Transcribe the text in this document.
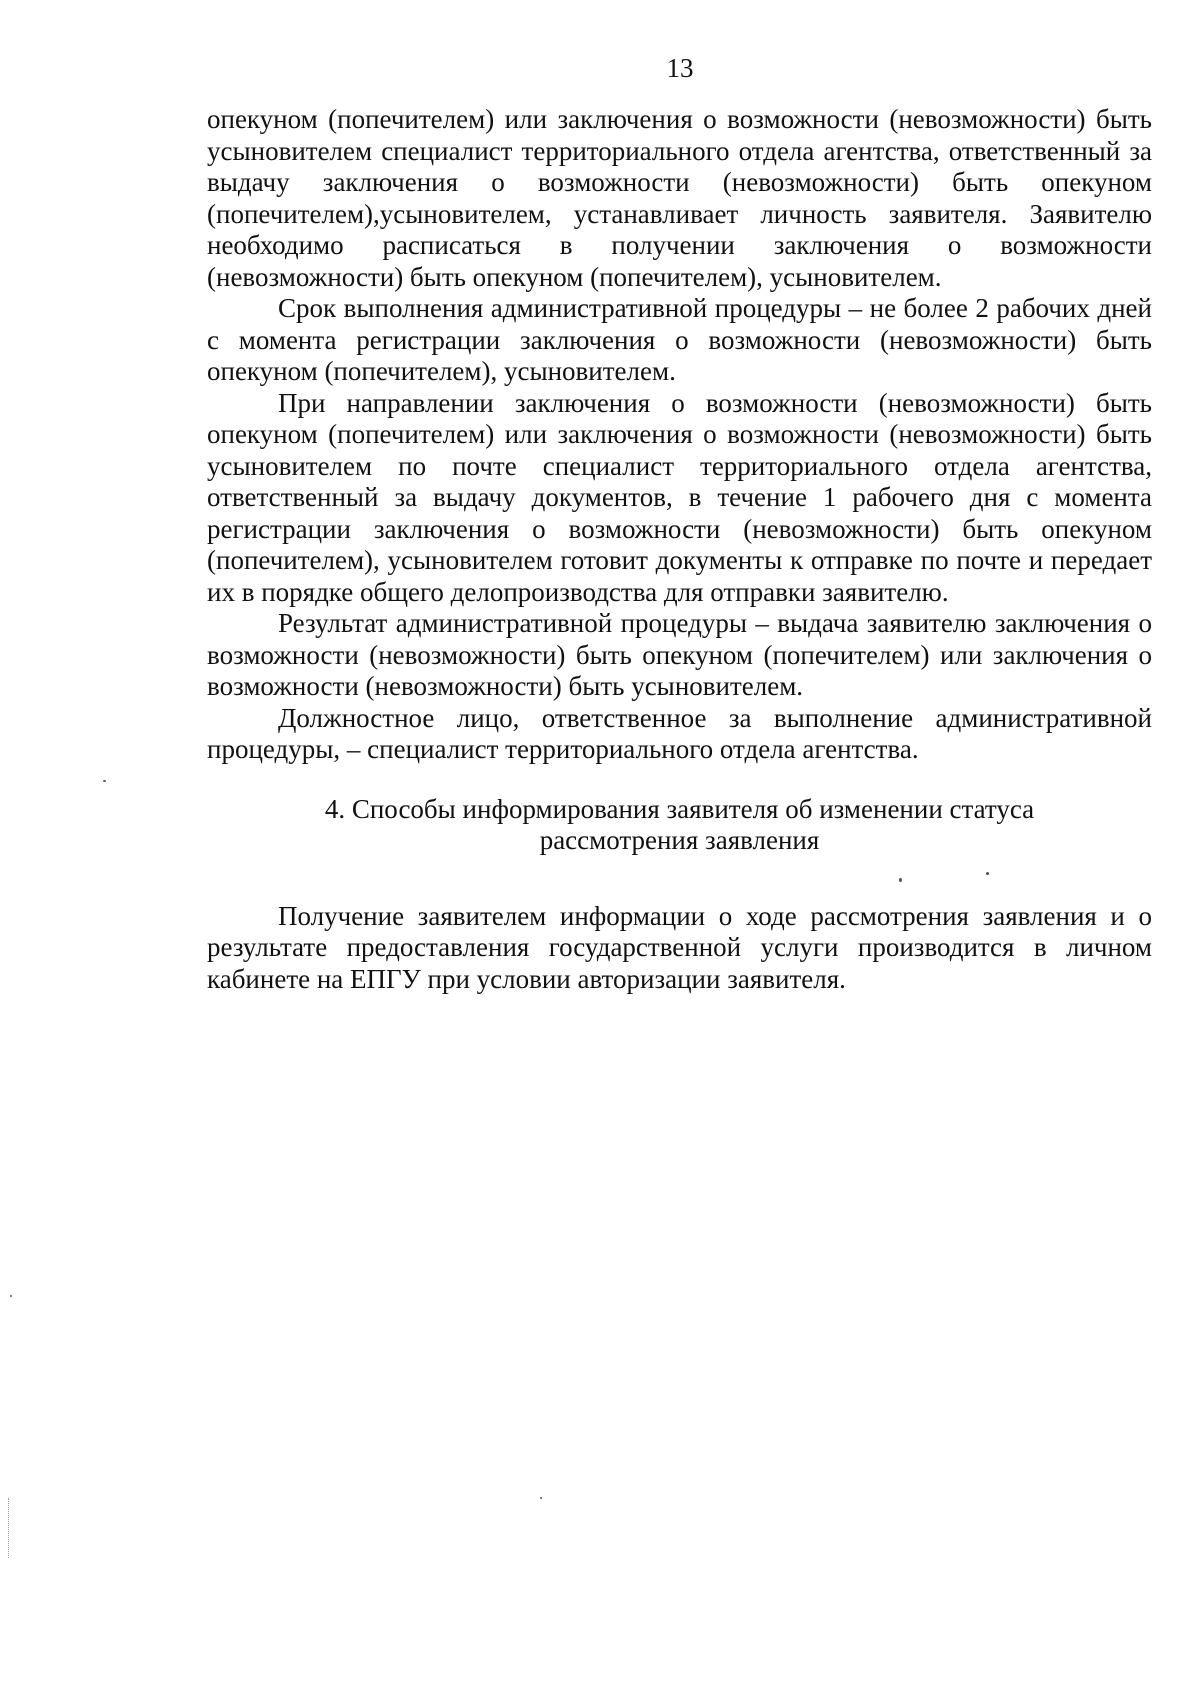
13

опекуном (попечителем) или заключения о возможности (невозможности) быть усыновителем специалист территориального отдела агентства, ответственный за выдачу заключения о возможности (невозможности) быть опекуном (попечителем),усыновителем, устанавливает личность заявителя. Заявителю необходимо расписаться в получении заключения о возможности (невозможности) быть опекуном (попечителем), усыновителем.

Срок выполнения административной процедуры – не более 2 рабочих дней с момента регистрации заключения о возможности (невозможности) быть опекуном (попечителем), усыновителем.

При направлении заключения о возможности (невозможности) быть опекуном (попечителем) или заключения о возможности (невозможности) быть усыновителем по почте специалист территориального отдела агентства, ответственный за выдачу документов, в течение 1 рабочего дня с момента регистрации заключения о возможности (невозможности) быть опекуном (попечителем), усыновителем готовит документы к отправке по почте и передает их в порядке общего делопроизводства для отправки заявителю.

Результат административной процедуры – выдача заявителю заключения о возможности (невозможности) быть опекуном (попечителем) или заключения о возможности (невозможности) быть усыновителем.

Должностное лицо, ответственное за выполнение административной процедуры, – специалист территориального отдела агентства.

4. Способы информирования заявителя об изменении статуса
рассмотрения заявления

Получение заявителем информации о ходе рассмотрения заявления и о результате предоставления государственной услуги производится в личном кабинете на ЕПГУ при условии авторизации заявителя.
